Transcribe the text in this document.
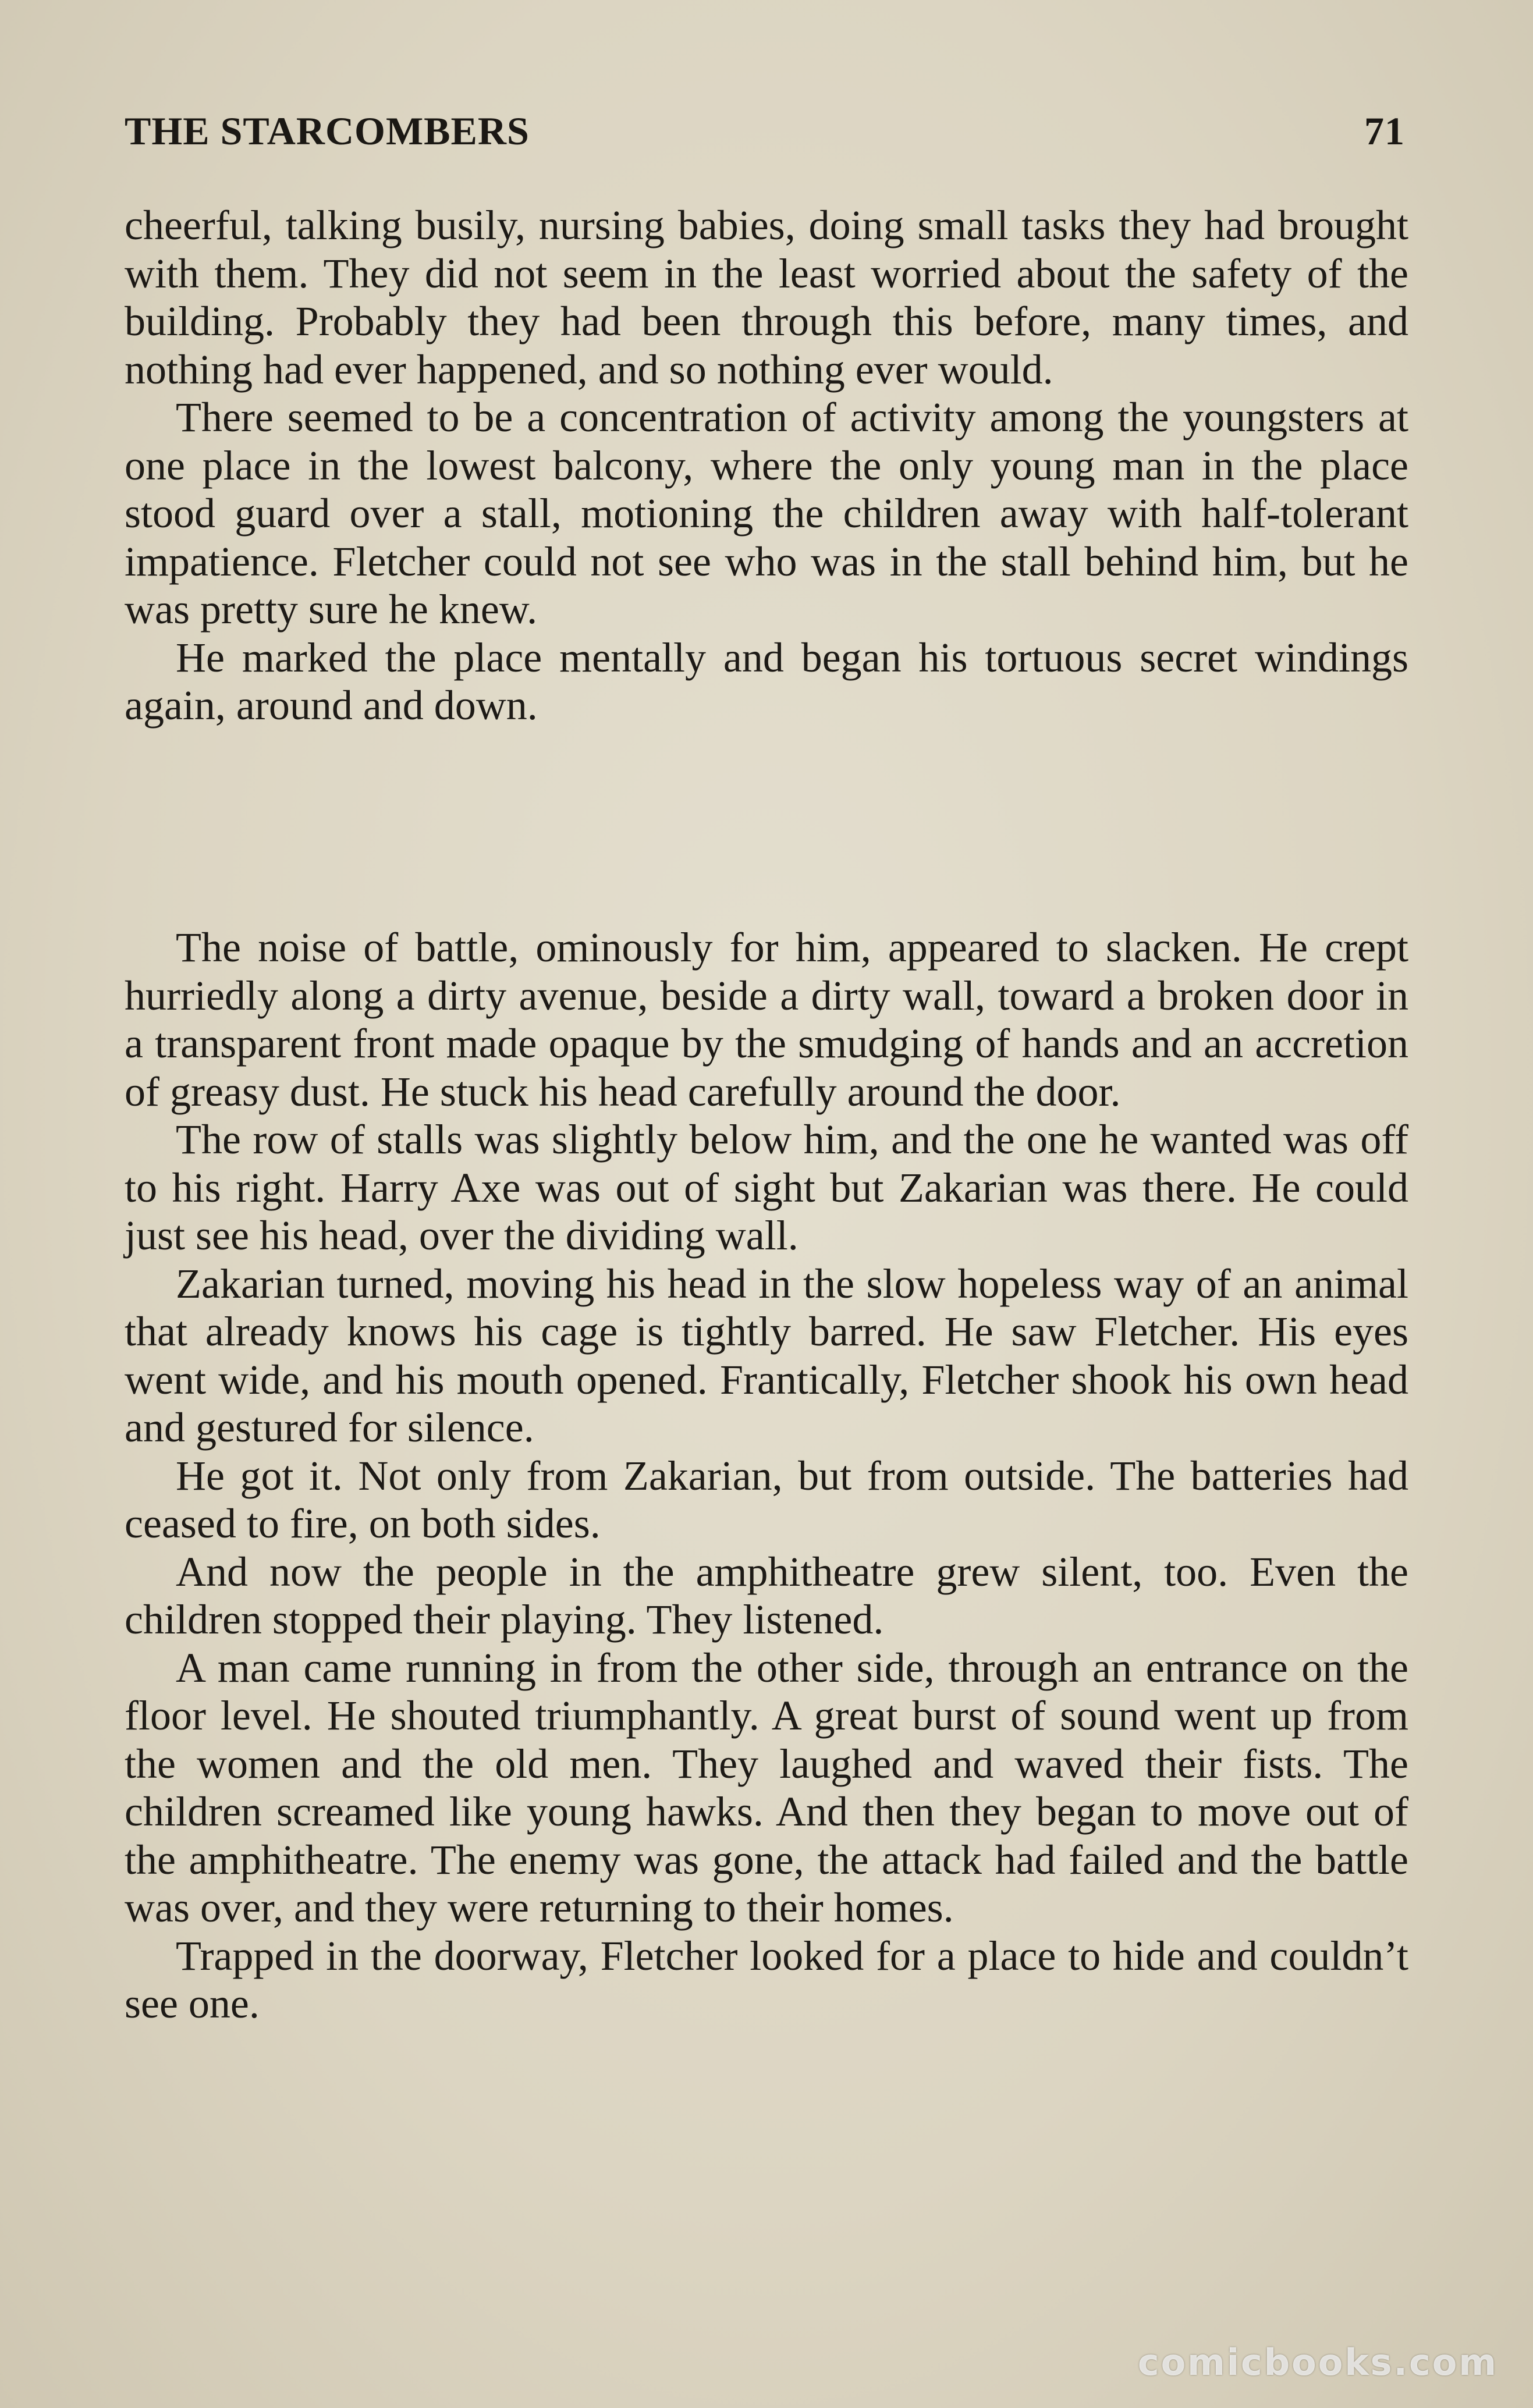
THE STARCOMBERS	71

cheerful, talking busily, nursing babies, doing small tasks they had brought with them. They did not seem in the least worried about the safety of the building. Probably they had been through this before, many times, and nothing had ever happened, and so nothing ever would.

There seemed to be a concentration of activity among the youngsters at one place in the lowest balcony, where the only young man in the place stood guard over a stall, motioning the children away with half-tolerant impatience. Fletcher could not see who was in the stall behind him, but he was pretty sure he knew.

He marked the place mentally and began his tortuous secret windings again, around and down.

The noise of battle, ominously for him, appeared to slacken. He crept hurriedly along a dirty avenue, beside a dirty wall, toward a broken door in a transparent front made opaque by the smudging of hands and an accretion of greasy dust. He stuck his head carefully around the door.

The row of stalls was slightly below him, and the one he wanted was off to his right. Harry Axe was out of sight but Zakarian was there. He could just see his head, over the dividing wall.

Zakarian turned, moving his head in the slow hopeless way of an animal that already knows his cage is tightly barred. He saw Fletcher. His eyes went wide, and his mouth opened. Frantically, Fletcher shook his own head and gestured for silence.

He got it. Not only from Zakarian, but from outside. The batteries had ceased to fire, on both sides.

And now the people in the amphitheatre grew silent, too. Even the children stopped their playing. They listened.

A man came running in from the other side, through an entrance on the floor level. He shouted triumphantly. A great burst of sound went up from the women and the old men. They laughed and waved their fists. The children screamed like young hawks. And then they began to move out of the amphitheatre. The enemy was gone, the attack had failed and the battle was over, and they were returning to their homes.

Trapped in the doorway, Fletcher looked for a place to hide and couldn’t see one.

comicbooks.com
